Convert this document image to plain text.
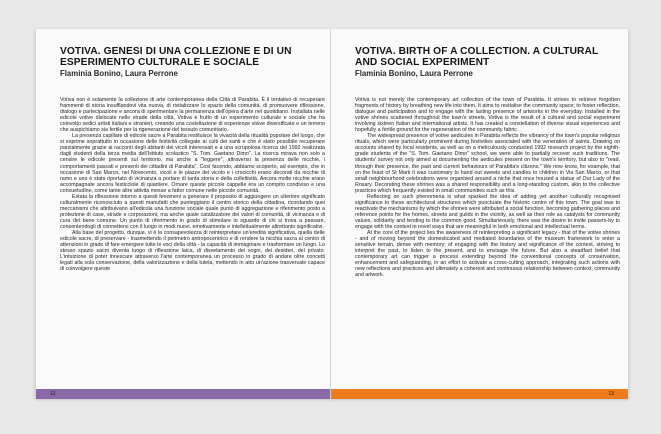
VOTIVA. GENESI DI UNA COLLEZIONE E DI UN ESPERIMENTO CULTURALE E SOCIALE
Flaminia Bonino, Laura Perrone

Votiva non è solamente la collezione di arte contemporanea della Città di Parabita. È il tentativo di recuperare frammenti di storia insufflandovi vita nuova, di rivitalizzare lo spazio della comunità, di promuovere riflessione, dialogo e partecipazione e ancora di sperimentare la permanenza dell'opera d'arte nel quotidiano. Installata nelle edicole votive dislocate nelle strade della città, Votiva è frutto di un esperimento culturale e sociale che ha coinvolto sedici artisti italiani e stranieri, creando una costellazione di esperienze visive diversificate e un terreno che auspichiamo sia fertile per la rigenerazione del tessuto comunitario.

La presenza capillare di edicole sacre a Parabita restituisce la vivacità della ritualità popolare del luogo, che si esprime soprattutto in occasione delle festività collegate ai culti dei santi e che è stato possibile recuperare parzialmente grazie ai racconti degli abitanti dei vicoli interessati e a una scrupolosa ricerca del 1992 realizzata dagli studenti della terza media dell'Istituto scolastico "S. Tom. Gaetano Dimo". La ricerca mirava non solo a censire le edicole presenti sul territorio, ma anche a "leggere", attraverso la presenza delle nicchie, i comportamenti passati e presenti dei cittadini di Parabita". Così facendo, abbiamo scoperto, ad esempio, che in occasione di San Marco, nel Novecento, vicoli e le piazze del vicolo e i crocicchi erano decorati da nicchie di ramo e uno è stato riportato di vicinanza a portare di tanta storia e della collettività. Ancora molte nicchie erano accompagnate ancora festicciole di quartiere. Ornare queste piccole cappelle era un compito condiviso e una consuetudine, come tante altre attività messe a fattor comune nelle piccole comunità.

Estata la riflessione intorno a questi fenomeni a generare il proposito di aggiungere un ulteriore significato culturalmente riconosciuto a questi manufatti che punteggiano il centro storico della cittadina, ricordando quei meccanismi che attribuivano all'edicola una funzione sociale quale punto di aggregazione e riferimento posto a protezione di case, strade e corporazioni, ma anche quale catalizzatore dei valori di comunità, di vicinanza e di cura del bene comune. Un punto di riferimento in grado di stimolare lo sguardo di chi si trova a passare, consentendogli di connettersi con il luogo in modi nuovi, emotivamente e intellettualmente altrettanto significativi.

Alla base del progetto, dunque, vi è la consapevolezza di reinterpretare un'eredità significativa, quella delle edicole sacre, di preservare - trasmettendo il perimetro antropocentrico e di rendere la nicchia sacra al centro di attenzioni in grado di fare emergere tutte le voci della città - la capacità di immaginare e trasformare un luogo. Lo stesso spazio sacro diventa luogo di riflessione laica, di disvelamento dei sogni, dei desideri, del privato. L'intuizione di poter innescare attraverso l'arte contemporanea un processo in grado di andare oltre concetti legati alla sola conservazione, della valorizzazione e della tutela, mettendo in atto un'azione trasversale capace di coinvolgere queste

12
VOTIVA. BIRTH OF A COLLECTION. A CULTURAL AND SOCIAL EXPERIMENT
Flaminia Bonino, Laura Perrone

Votiva is not merely the contemporary art collection of the town of Parabita. It strives to retrieve forgotten fragments of history by breathing new life into them. It aims to revitalise the community space; to foster reflection, dialogue and participation and to engage with the lasting presence of artworks in the everyday. Installed in the votive shrines scattered throughout the town's streets, Votiva is the result of a cultural and social experiment involving sixteen Italian and international artists. It has created a constellation of diverse visual experiences and hopefully a fertile ground for the regeneration of the community fabric.

The widespread presence of votive aedicules in Parabita reflects the vibrancy of the town's popular religious rituals, which were particularly prominent during festivities associated with the veneration of saints. Drawing on accounts shared by local residents, as well as on a meticulously conducted 1992 research project by the eighth-grade students of the "S. Tom. Gaetano Dimo" school, we were able to partially recover such traditions. The students' survey not only aimed at documenting the aedicules present on the town's territory, but also to "read, through their presence, the past and current behaviours of Parabita's citizens." We now know, for example, that on the feast of St Mark it was customary to hand out sweets and candles to children in Via San Marco, or that small neighbourhood celebrations were organised around a niche that once housed a statue of Our Lady of the Rosary. Decorating these shrines was a shared responsibility and a long-standing custom, akin to the collective practices which frequently existed in small communities such as this.

Reflecting on such phenomena is what sparked the idea of adding yet another culturally recognised significance to these architectural structures which punctuate the historic centre of this town. The goal was to reactivate the mechanisms by which the shrines were attributed a social function, becoming gathering places and reference points for the homes, streets and guilds in the vicinity, as well as their role as catalysts for community values, solidarity and tending to the common good. Simultaneously, there was the desire to invite passers-by to engage with the context in novel ways that are meaningful in both emotional and intellectual terms.

At the core of the project lies the awareness of reinterpreting a significant legacy - that of the votive shrines - and of moving beyond the domesticated and mediated boundaries of the museum framework to enter a sensitive terrain, dense with memory; of engaging with the history and significance of the context, striving to interpret the past, to listen to the present, and to envisage the future. But also a steadfast belief that contemporary art can trigger a process extending beyond the conventional concepts of conservation, enhancement and safeguarding, in an effort to activate a cross-cutting approach, integrating such actions with new reflections and practices and ultimately a coherent and continuous relationship between context, community and artwork.

13
